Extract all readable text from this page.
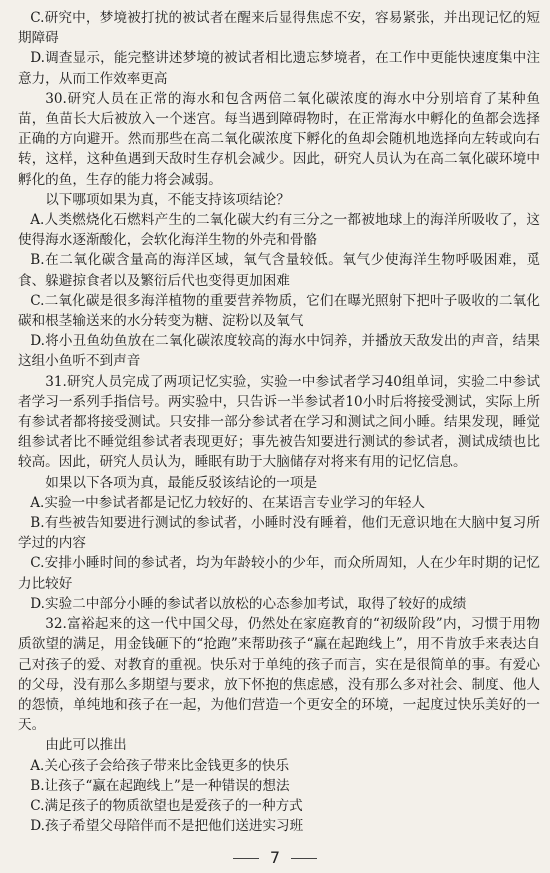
C.研究中，梦境被打扰的被试者在醒来后显得焦虑不安，容易紧张，并出现记忆的短期障碍

D.调查显示，能完整讲述梦境的被试者相比遗忘梦境者，在工作中更能快速度集中注意力，从而工作效率更高

30.研究人员在正常的海水和包含两倍二氧化碳浓度的海水中分别培育了某种鱼苗，鱼苗长大后被放入一个迷宫。每当遇到障碍物时，在正常海水中孵化的鱼都会选择正确的方向避开。然而那些在高二氧化碳浓度下孵化的鱼却会随机地选择向左转或向右转，这样，这种鱼遇到天敌时生存机会减少。因此，研究人员认为在高二氧化碳环境中孵化的鱼，生存的能力将会减弱。

以下哪项如果为真，不能支持该项结论？

A.人类燃烧化石燃料产生的二氧化碳大约有三分之一都被地球上的海洋所吸收了，这使得海水逐渐酸化，会软化海洋生物的外壳和骨骼

B.在二氧化碳含量高的海洋区域，氧气含量较低。氧气少使海洋生物呼吸困难，觅食、躲避掠食者以及繁衍后代也变得更加困难

C.二氧化碳是很多海洋植物的重要营养物质，它们在曝光照射下把叶子吸收的二氧化碳和根茎输送来的水分转变为糖、淀粉以及氧气

D.将小丑鱼幼鱼放在二氧化碳浓度较高的海水中饲养，并播放天敌发出的声音，结果这组小鱼听不到声音

31.研究人员完成了两项记忆实验，实验一中参试者学习40组单词，实验二中参试者学习一系列手指信号。两实验中，只告诉一半参试者10小时后将接受测试，实际上所有参试者都将接受测试。只安排一部分参试者在学习和测试之间小睡。结果发现，睡觉组参试者比不睡觉组参试者表现更好；事先被告知要进行测试的参试者，测试成绩也比较高。因此，研究人员认为，睡眠有助于大脑储存对将来有用的记忆信息。

如果以下各项为真，最能反驳该结论的一项是

A.实验一中参试者都是记忆力较好的、在某语言专业学习的年轻人

B.有些被告知要进行测试的参试者，小睡时没有睡着，他们无意识地在大脑中复习所学过的内容

C.安排小睡时间的参试者，均为年龄较小的少年，而众所周知，人在少年时期的记忆力比较好

D.实验二中部分小睡的参试者以放松的心态参加考试，取得了较好的成绩

32.富裕起来的这一代中国父母，仍然处在家庭教育的“初级阶段”内，习惯于用物质欲望的满足，用金钱砸下的“抢跑”来帮助孩子“赢在起跑线上”，用不肯放手来表达自己对孩子的爱、对教育的重视。快乐对于单纯的孩子而言，实在是很简单的事。有爱心的父母，没有那么多期望与要求，放下怀抱的焦虑感，没有那么多对社会、制度、他人的怨愤，单纯地和孩子在一起，为他们营造一个更安全的环境，一起度过快乐美好的一天。

由此可以推出

A.关心孩子会给孩子带来比金钱更多的快乐

B.让孩子“赢在起跑线上”是一种错误的想法

C.满足孩子的物质欲望也是爱孩子的一种方式

D.孩子希望父母陪伴而不是把他们送进实习班

7
